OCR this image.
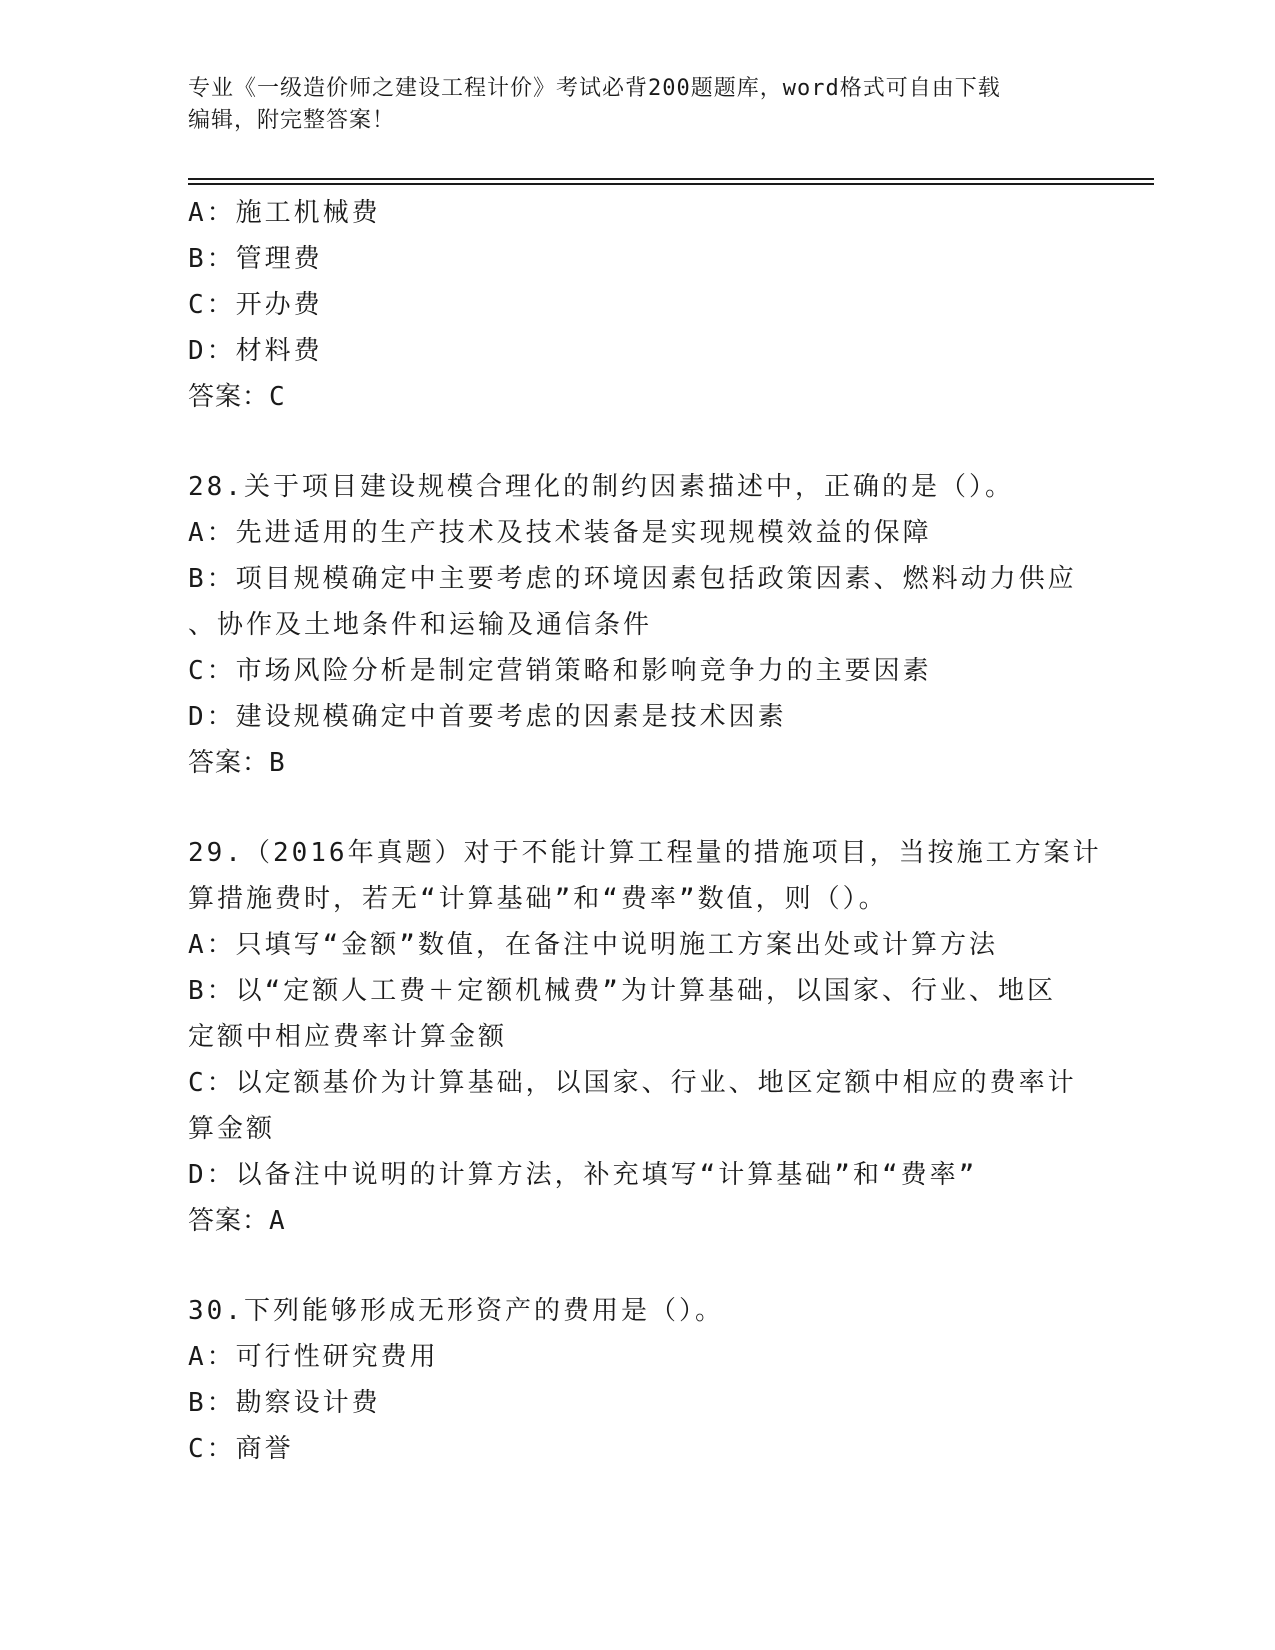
专业《一级造价师之建设工程计价》考试必背200题题库，word格式可自由下载
编辑，附完整答案！
A：施工机械费
B：管理费
C：开办费
D：材料费
答案：C
28.关于项目建设规模合理化的制约因素描述中，正确的是（）。
A：先进适用的生产技术及技术装备是实现规模效益的保障
B：项目规模确定中主要考虑的环境因素包括政策因素、燃料动力供应
、协作及土地条件和运输及通信条件
C：市场风险分析是制定营销策略和影响竞争力的主要因素
D：建设规模确定中首要考虑的因素是技术因素
答案：B
29.（2016年真题）对于不能计算工程量的措施项目，当按施工方案计
算措施费时，若无“计算基础”和“费率”数值，则（）。
A：只填写“金额”数值，在备注中说明施工方案出处或计算方法
B：以“定额人工费＋定额机械费”为计算基础，以国家、行业、地区
定额中相应费率计算金额
C：以定额基价为计算基础，以国家、行业、地区定额中相应的费率计
算金额
D：以备注中说明的计算方法，补充填写“计算基础”和“费率”
答案：A
30.下列能够形成无形资产的费用是（）。
A：可行性研究费用
B：勘察设计费
C：商誉
